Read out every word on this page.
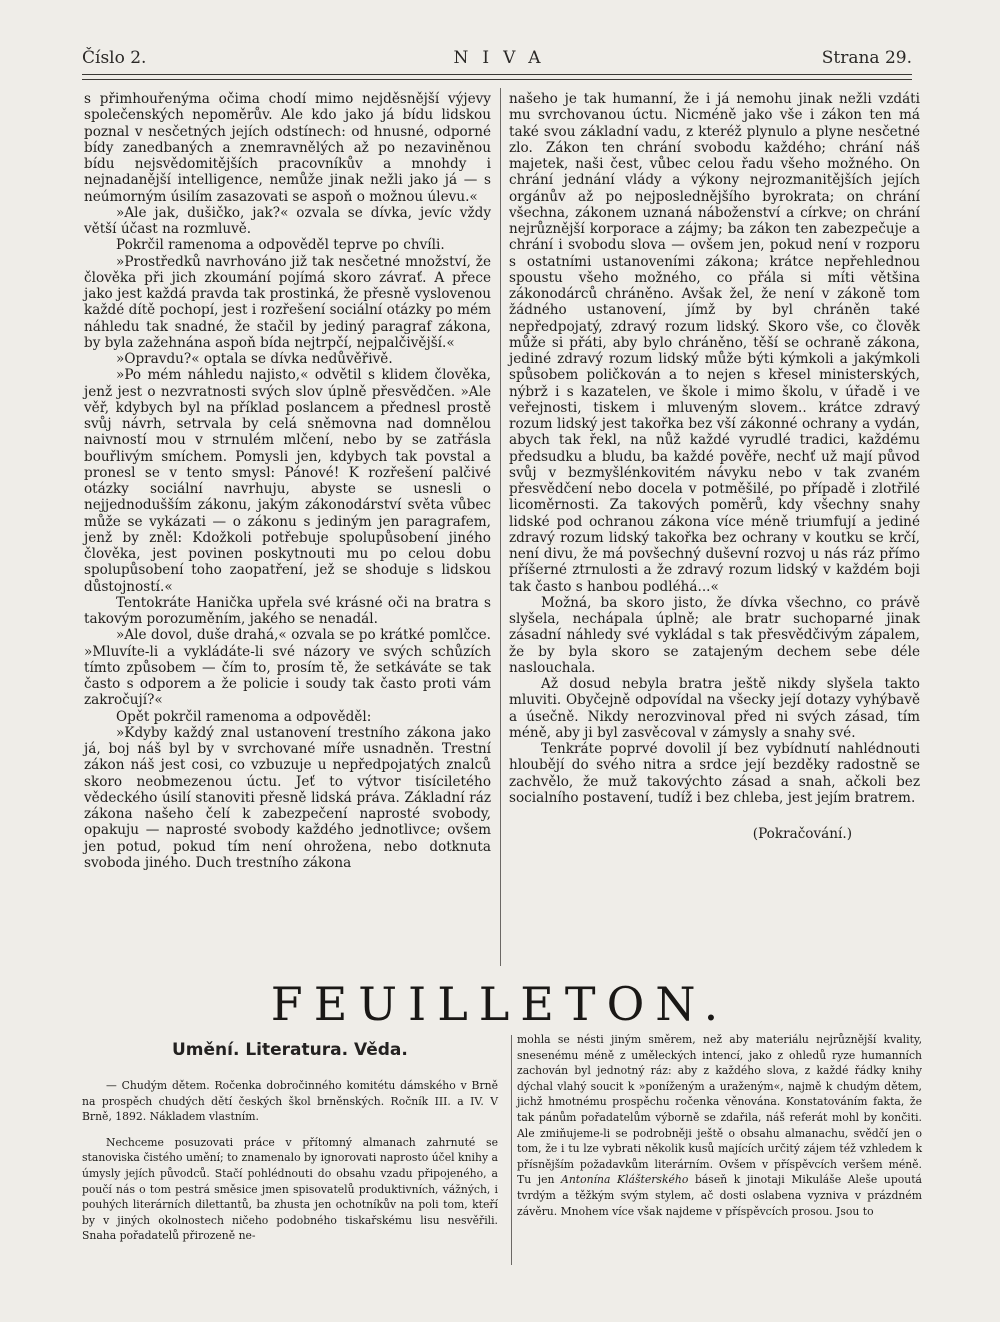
Číslo 2.	NIVA	Strana 29.

s přimhouřenýma očima chodí mimo nejděsnější výjevy společenských nepoměrův. Ale kdo jako já bídu lidskou poznal v nesčetných jejích odstínech: od hnusné, odporné bídy zanedbaných a znemravnělých až po nezaviněnou bídu nejsvědomitějších pracovníkův a mnohdy i nejnadanější intelligence, nemůže jinak nežli jako já — s neúmorným úsilím zasazovati se aspoň o možnou úlevu.«

»Ale jak, dušičko, jak?« ozvala se dívka, jevíc vždy větší účast na rozmluvě.

Pokrčil ramenoma a odpověděl teprve po chvíli.

»Prostředků navrhováno již tak nesčetné množství, že člověka při jich zkoumání pojímá skoro závrať. A přece jako jest každá pravda tak prostinká, že přesně vyslovenou každé dítě pochopí, jest i rozřešení sociální otázky po mém náhledu tak snadné, že stačil by jediný paragraf zákona, by byla zažehnána aspoň bída nejtrpčí, nejpalčivější.«

»Opravdu?« optala se dívka nedůvěřivě.

»Po mém náhledu najisto,« odvětil s klidem člověka, jenž jest o nezvratnosti svých slov úplně přesvědčen. »Ale věř, kdybych byl na příklad poslancem a přednesl prostě svůj návrh, setrvala by celá sněmovna nad domnělou naivností mou v strnulém mlčení, nebo by se zatřásla bouřlivým smíchem. Pomysli jen, kdybych tak povstal a pronesl se v tento smysl: Pánové! K rozřešení palčivé otázky sociální navrhuju, abyste se usnesli o nejjednodušším zákonu, jakým zákonodárství světa vůbec může se vykázati — o zákonu s jediným jen paragrafem, jenž by zněl: Kdožkoli potřebuje spolupůsobení jiného člověka, jest povinen poskytnouti mu po celou dobu spolupůsobení toho zaopatření, jež se shoduje s lidskou důstojností.«

Tentokráte Hanička upřela své krásné oči na bratra s takovým porozuměním, jakého se nenadál.

»Ale dovol, duše drahá,« ozvala se po krátké pomlčce. »Mluvíte-li a vykládáte-li své názory ve svých schůzích tímto způsobem — čím to, prosím tě, že setkáváte se tak často s odporem a že policie i soudy tak často proti vám zakročují?«

Opět pokrčil ramenoma a odpověděl:

»Kdyby každý znal ustanovení trestního zákona jako já, boj náš byl by v svrchované míře usnadněn. Trestní zákon náš jest cosi, co vzbuzuje u nepředpojatých znalců skoro neobmezenou úctu. Jeť to výtvor tisíciletého vědeckého úsilí stanoviti přesně lidská práva. Základní ráz zákona našeho čelí k zabezpečení naprosté svobody, opakuju — naprosté svobody každého jednotlivce; ovšem jen potud, pokud tím není ohrožena, nebo dotknuta svoboda jiného. Duch trestního zákona

našeho je tak humanní, že i já nemohu jinak nežli vzdáti mu svrchovanou úctu. Nicméně jako vše i zákon ten má také svou základní vadu, z kteréž plynulo a plyne nesčetné zlo. Zákon ten chrání svobodu každého; chrání náš majetek, naši čest, vůbec celou řadu všeho možného. On chrání jednání vlády a výkony nejrozmanitějších jejích orgánův až po nejposlednějšího byrokrata; on chrání všechna, zákonem uznaná náboženství a církve; on chrání nejrůznější korporace a zájmy; ba zákon ten zabezpečuje a chrání i svobodu slova — ovšem jen, pokud není v rozporu s ostatními ustanoveními zákona; krátce nepřehlednou spoustu všeho možného, co přála si míti většina zákonodárců chráněno. Avšak žel, že není v zákoně tom žádného ustanovení, jímž by byl chráněn také nepředpojatý, zdravý rozum lidský. Skoro vše, co člověk může si přáti, aby bylo chráněno, těší se ochraně zákona, jediné zdravý rozum lidský může býti kýmkoli a jakýmkoli spůsobem poličkován a to nejen s křesel ministerských, nýbrž i s kazatelen, ve škole i mimo školu, v úřadě i ve veřejnosti, tiskem i mluveným slovem.. krátce zdravý rozum lidský jest takořka bez vší zákonné ochrany a vydán, abych tak řekl, na nůž každé vyrudlé tradici, každému předsudku a bludu, ba každé pověře, nechť už mají původ svůj v bezmyšlénkovitém návyku nebo v tak zvaném přesvědčení nebo docela v potměšilé, po případě i zlotřilé licoměrnosti. Za takových poměrů, kdy všechny snahy lidské pod ochranou zákona více méně triumfují a jediné zdravý rozum lidský takořka bez ochrany v koutku se krčí, není divu, že má povšechný duševní rozvoj u nás ráz přímo příšerné ztrnulosti a že zdravý rozum lidský v každém boji tak často s hanbou podléhá...«

Možná, ba skoro jisto, že dívka všechno, co právě slyšela, nechápala úplně; ale bratr suchoparné jinak zásadní náhledy své vykládal s tak přesvědčivým zápalem, že by byla skoro se zatajeným dechem sebe déle naslouchala.

Až dosud nebyla bratra ještě nikdy slyšela takto mluviti. Obyčejně odpovídal na všecky její dotazy vyhýbavě a úsečně. Nikdy nerozvinoval před ni svých zásad, tím méně, aby ji byl zasvěcoval v zámysly a snahy své.

Tenkráte poprvé dovolil jí bez vybídnutí nahlédnouti hloubějí do svého nitra a srdce její bezděky radostně se zachvělo, že muž takovýchto zásad a snah, ačkoli bez socialního postavení, tudíž i bez chleba, jest jejím bratrem.

(Pokračování.)

FEUILLETON.
Umění. Literatura. Věda.

— Chudým dětem. Ročenka dobročinného komitétu dámského v Brně na prospěch chudých dětí českých škol brněnských. Ročník III. a IV. V Brně, 1892. Nákladem vlastním.

Nechceme posuzovati práce v přítomný almanach zahrnuté se stanoviska čistého umění; to znamenalo by ignorovati naprosto účel knihy a úmysly jejích původců. Stačí pohlédnouti do obsahu vzadu připojeného, a poučí nás o tom pestrá směsice jmen spisovatelů produktivních, vážných, i pouhých literárních dilettantů, ba zhusta jen ochotníkův na poli tom, kteří by v jiných okolnostech ničeho podobného tiskařskému lisu nesvěřili. Snaha pořadatelů přirozeně ne-

mohla se nésti jiným směrem, než aby materiálu nejrůznější kvality, snesenému méně z uměleckých intencí, jako z ohledů ryze humanních zachován byl jednotný ráz: aby z každého slova, z každé řádky knihy dýchal vlahý soucit k »poníženým a uraženým«, najmě k chudým dětem, jichž hmotnému prospěchu ročenka věnována. Konstatováním fakta, že tak pánům pořadatelům výborně se zdařila, náš referát mohl by končiti. Ale zmiňujeme-li se podrobněji ještě o obsahu almanachu, svědčí jen o tom, že i tu lze vybrati několik kusů majících určitý zájem též vzhledem k přísnějším požadavkům literárním. Ovšem v příspěvcích veršem méně. Tu jen Antonína Klášterského báseň k jinotaji Mikuláše Aleše upoutá tvrdým a těžkým svým stylem, ač dosti oslabena vyzniva v prázdném závěru. Mnohem více však najdeme v příspěvcích prosou. Jsou to
